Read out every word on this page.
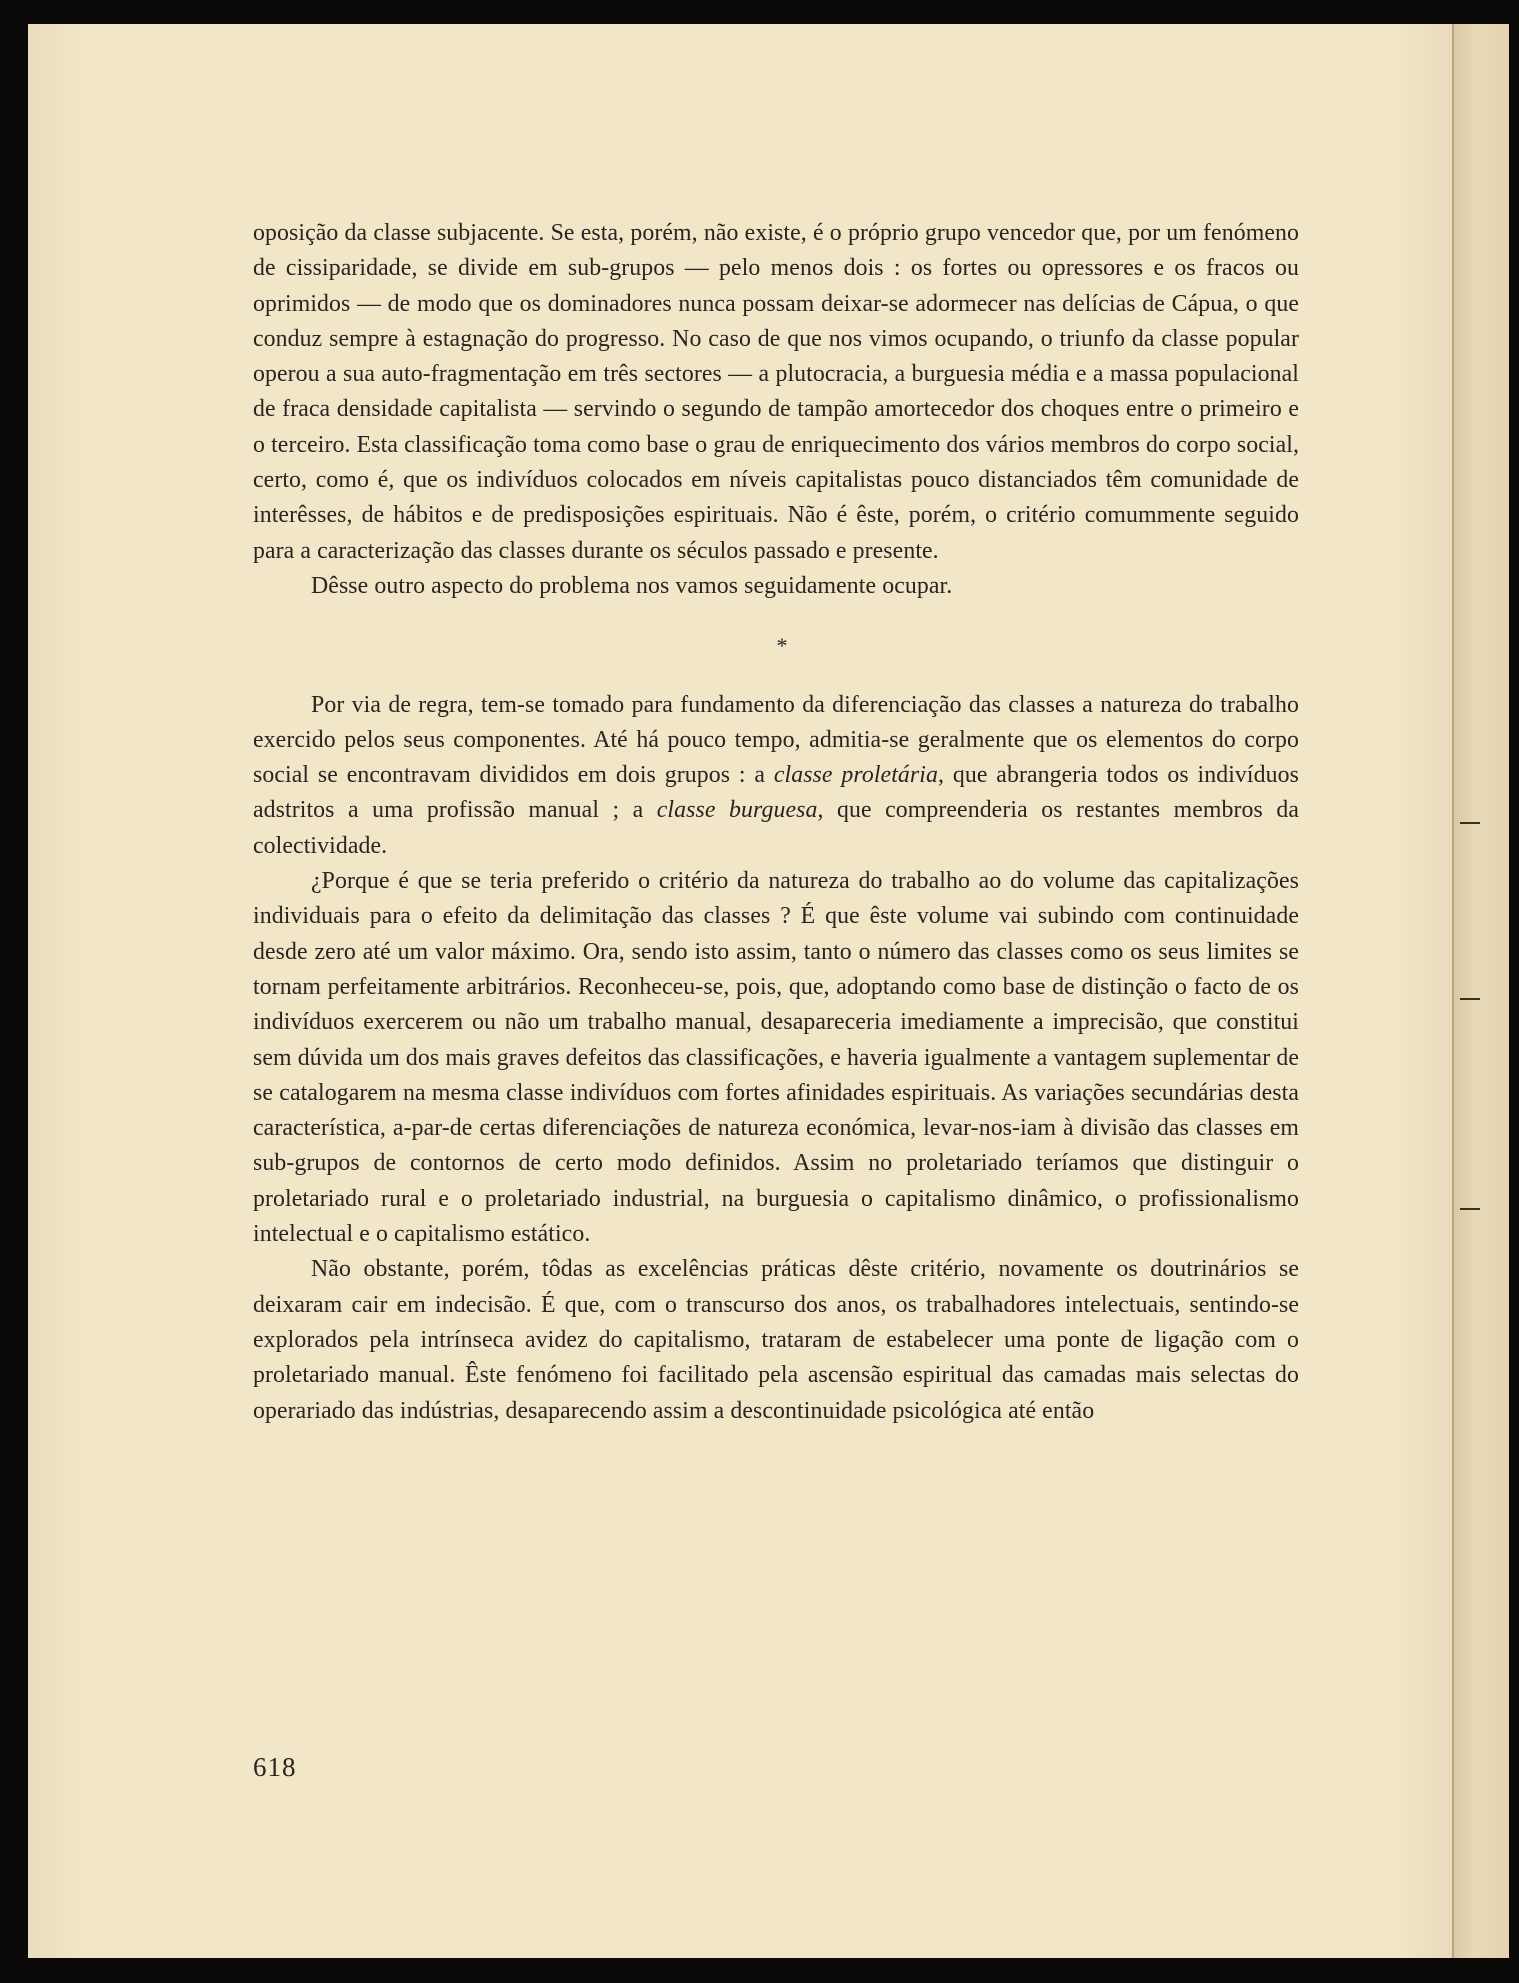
oposição da classe subjacente. Se esta, porém, não existe, é o próprio grupo vencedor que, por um fenómeno de cissiparidade, se divide em sub-grupos — pelo menos dois : os fortes ou opressores e os fracos ou oprimidos — de modo que os dominadores nunca possam deixar-se adormecer nas delícias de Cápua, o que conduz sempre à estagnação do progresso. No caso de que nos vimos ocupando, o triunfo da classe popular operou a sua auto-fragmentação em três sectores — a plutocracia, a burguesia média e a massa populacional de fraca densidade capitalista — servindo o segundo de tampão amortecedor dos choques entre o primeiro e o terceiro. Esta classificação toma como base o grau de enriquecimento dos vários membros do corpo social, certo, como é, que os indivíduos colocados em níveis capitalistas pouco distanciados têm comunidade de interêsses, de hábitos e de predisposições espirituais. Não é êste, porém, o critério comummente seguido para a caracterização das classes durante os séculos passado e presente.

Dêsse outro aspecto do problema nos vamos seguidamente ocupar.

*

Por via de regra, tem-se tomado para fundamento da diferenciação das classes a natureza do trabalho exercido pelos seus componentes. Até há pouco tempo, admitia-se geralmente que os elementos do corpo social se encontravam divididos em dois grupos : a classe proletária, que abrangeria todos os indivíduos adstritos a uma profissão manual ; a classe burguesa, que compreenderia os restantes membros da colectividade.

¿Porque é que se teria preferido o critério da natureza do trabalho ao do volume das capitalizações individuais para o efeito da delimitação das classes ? É que êste volume vai subindo com continuidade desde zero até um valor máximo. Ora, sendo isto assim, tanto o número das classes como os seus limites se tornam perfeitamente arbitrários. Reconheceu-se, pois, que, adoptando como base de distinção o facto de os indivíduos exercerem ou não um trabalho manual, desapareceria imediamente a imprecisão, que constitui sem dúvida um dos mais graves defeitos das classificações, e haveria igualmente a vantagem suplementar de se catalogarem na mesma classe indivíduos com fortes afinidades espirituais. As variações secundárias desta característica, a-par-de certas diferenciações de natureza económica, levar-nos-iam à divisão das classes em sub-grupos de contornos de certo modo definidos. Assim no proletariado teríamos que distinguir o proletariado rural e o proletariado industrial, na burguesia o capitalismo dinâmico, o profissionalismo intelectual e o capitalismo estático.

Não obstante, porém, tôdas as excelências práticas dêste critério, novamente os doutrinários se deixaram cair em indecisão. É que, com o transcurso dos anos, os trabalhadores intelectuais, sentindo-se explorados pela intrínseca avidez do capitalismo, trataram de estabelecer uma ponte de ligação com o proletariado manual. Êste fenómeno foi facilitado pela ascensão espiritual das camadas mais selectas do operariado das indústrias, desaparecendo assim a descontinuidade psicológica até então

618
